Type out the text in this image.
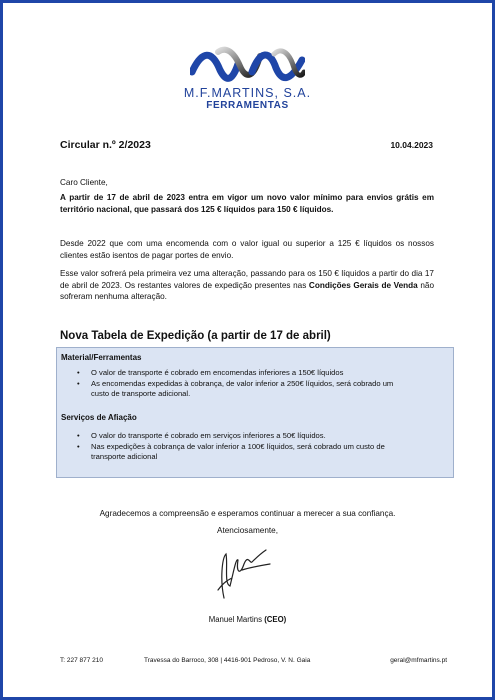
M.F.MARTINS, S.A.
FERRAMENTAS
Circular n.º 2/2023	10.04.2023
Caro Cliente,
A partir de 17 de abril de 2023 entra em vigor um novo valor mínimo para envios grátis em território nacional, que passará dos 125 € líquidos para 150 € líquidos.
Desde 2022 que com uma encomenda com o valor igual ou superior a 125 € líquidos os nossos clientes estão isentos de pagar portes de envio.
Esse valor sofrerá pela primeira vez uma alteração, passando para os 150 € líquidos a partir do dia 17 de abril de 2023. Os restantes valores de expedição presentes nas Condições Gerais de Venda não sofreram nenhuma alteração.
Nova Tabela de Expedição (a partir de 17 de abril)
Material/Ferramentas
• O valor de transporte é cobrado em encomendas inferiores a 150€ líquidos
• As encomendas expedidas à cobrança, de valor inferior a 250€ líquidos, será cobrado um custo de transporte adicional.
Serviços de Afiação
• O valor do transporte é cobrado em serviços inferiores a 50€ líquidos.
• Nas expedições à cobrança de valor inferior a 100€ líquidos, será cobrado um custo de transporte adicional
Agradecemos a compreensão e esperamos continuar a merecer a sua confiança.
Atenciosamente,
Manuel Martins (CEO)
T: 227 877 210	Travessa do Barroco, 308 | 4416-901 Pedroso, V. N. Gaia	geral@mfmartins.pt
